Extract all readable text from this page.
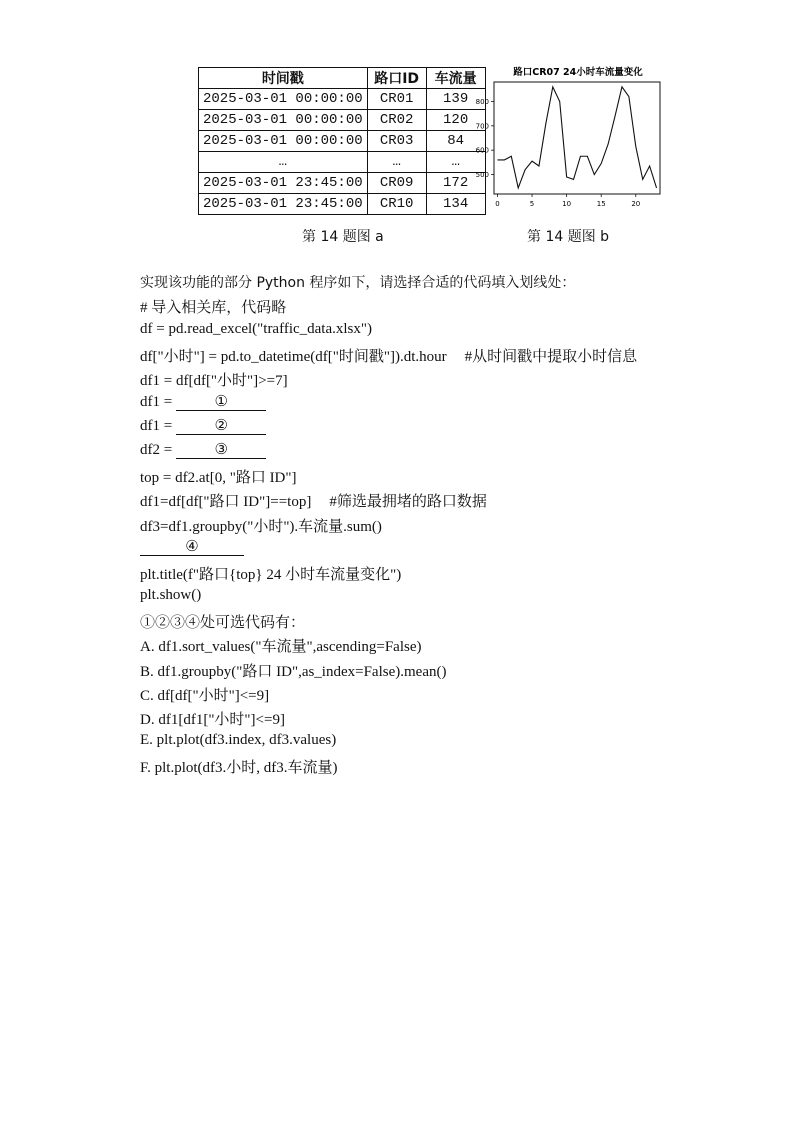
时间戳	路口ID	车流量
2025-03-01 00:00:00	CR01	139
2025-03-01 00:00:00	CR02	120
2025-03-01 00:00:00	CR03	84
…	…	…
2025-03-01 23:45:00	CR09	172
2025-03-01 23:45:00	CR10	134
路口CR07 24小时车流量变化
0	5	10	15	20
500
600
700
800
第 14 题图 a	第 14 题图 b
实现该功能的部分 Python 程序如下，请选择合适的代码填入划线处：
# 导入相关库，代码略
df = pd.read_excel("traffic_data.xlsx")
df["小时"] = pd.to_datetime(df["时间戳"]).dt.hour #从时间戳中提取小时信息
df1 = df[df["小时"]>=7]
df1 =	①
df1 =	②
df2 =	③
top = df2.at[0, "路口 ID"]
df1=df[df["路口 ID"]==top] #筛选最拥堵的路口数据
df3=df1.groupby("小时").车流量.sum()
④
plt.title(f"路口{top} 24 小时车流量变化")
plt.show()
①②③④处可选代码有：
A. df1.sort_values("车流量",ascending=False)
B. df1.groupby("路口 ID",as_index=False).mean()
C. df[df["小时"]<=9]
D. df1[df1["小时"]<=9]
E. plt.plot(df3.index, df3.values)
F. plt.plot(df3.小时, df3.车流量)
